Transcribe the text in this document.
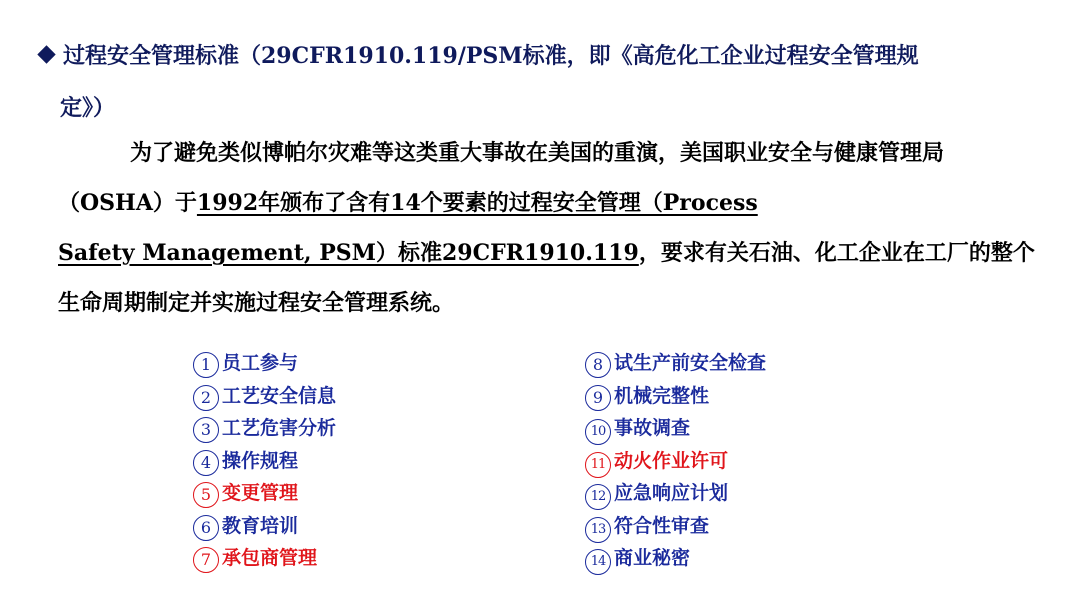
过程安全管理标准（29CFR1910.119/PSM标准，即《高危化工企业过程安全管理规
定》）
为了避免类似博帕尔灾难等这类重大事故在美国的重演，美国职业安全与健康管理局（OSHA）于1992年颁布了含有14个要素的过程安全管理（Process
Safety Management, PSM）标准29CFR1910.119，要求有关石油、化工企业在工厂的整个生命周期制定并实施过程安全管理系统。
1 员工参与
2 工艺安全信息
3 工艺危害分析
4 操作规程
5 变更管理
6 教育培训
7 承包商管理
8 试生产前安全检查
9 机械完整性
10 事故调查
11 动火作业许可
12 应急响应计划
13 符合性审查
14 商业秘密
